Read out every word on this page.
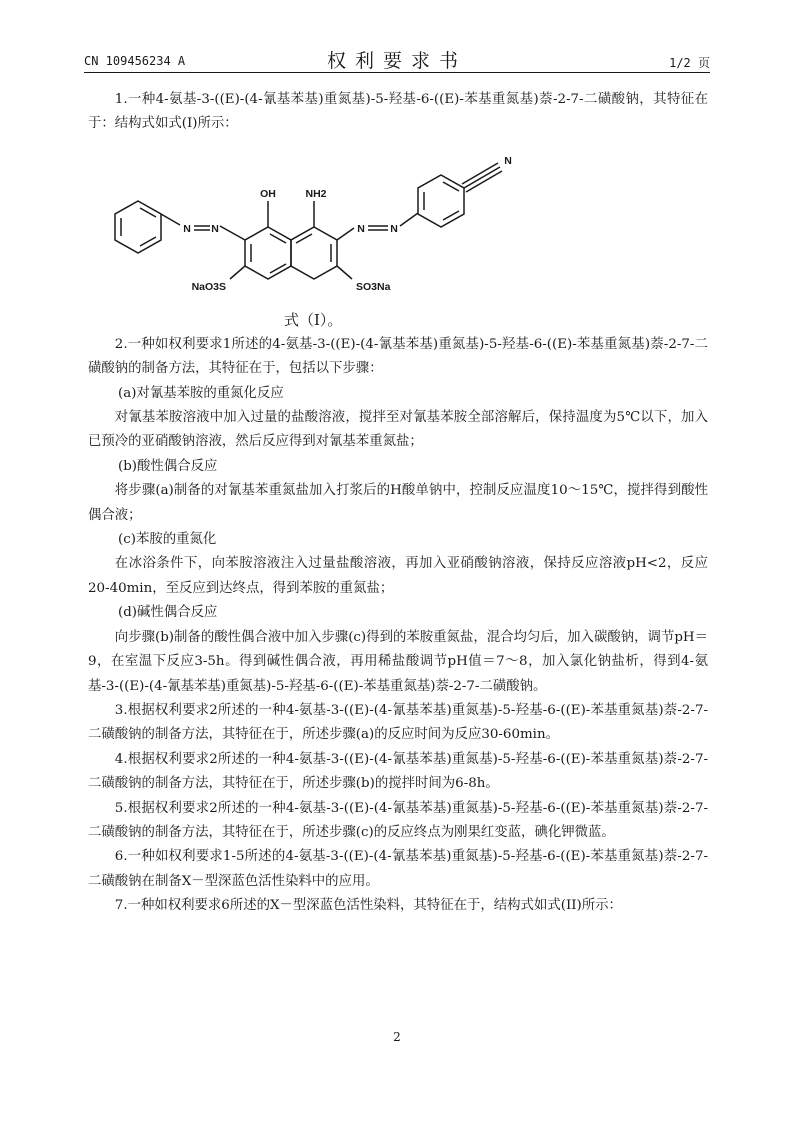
CN 109456234 A	权利要求书	1/2 页

1.一种4-氨基-3-((E)-(4-氰基苯基)重氮基)-5-羟基-6-((E)-苯基重氮基)萘-2-7-二磺酸钠，其特征在于：结构式如式(I)所示：

N N	N N
N
OH	NH2
NaO3S	SO3Na

式（I）。

2.一种如权利要求1所述的4-氨基-3-((E)-(4-氰基苯基)重氮基)-5-羟基-6-((E)-苯基重氮基)萘-2-7-二磺酸钠的制备方法，其特征在于，包括以下步骤：

(a)对氰基苯胺的重氮化反应

对氰基苯胺溶液中加入过量的盐酸溶液，搅拌至对氰基苯胺全部溶解后，保持温度为5℃以下，加入已预冷的亚硝酸钠溶液，然后反应得到对氰基苯重氮盐；

(b)酸性偶合反应

将步骤(a)制备的对氰基苯重氮盐加入打浆后的H酸单钠中，控制反应温度10～15℃，搅拌得到酸性偶合液；

(c)苯胺的重氮化

在冰浴条件下，向苯胺溶液注入过量盐酸溶液，再加入亚硝酸钠溶液，保持反应溶液pH<2，反应20-40min，至反应到达终点，得到苯胺的重氮盐；

(d)碱性偶合反应

向步骤(b)制备的酸性偶合液中加入步骤(c)得到的苯胺重氮盐，混合均匀后，加入碳酸钠，调节pH＝9，在室温下反应3-5h。得到碱性偶合液，再用稀盐酸调节pH值＝7～8，加入氯化钠盐析，得到4-氨基-3-((E)-(4-氰基苯基)重氮基)-5-羟基-6-((E)-苯基重氮基)萘-2-7-二磺酸钠。

3.根据权利要求2所述的一种4-氨基-3-((E)-(4-氰基苯基)重氮基)-5-羟基-6-((E)-苯基重氮基)萘-2-7-二磺酸钠的制备方法，其特征在于，所述步骤(a)的反应时间为反应30-60min。

4.根据权利要求2所述的一种4-氨基-3-((E)-(4-氰基苯基)重氮基)-5-羟基-6-((E)-苯基重氮基)萘-2-7-二磺酸钠的制备方法，其特征在于，所述步骤(b)的搅拌时间为6-8h。

5.根据权利要求2所述的一种4-氨基-3-((E)-(4-氰基苯基)重氮基)-5-羟基-6-((E)-苯基重氮基)萘-2-7-二磺酸钠的制备方法，其特征在于，所述步骤(c)的反应终点为刚果红变蓝，碘化钾微蓝。

6.一种如权利要求1-5所述的4-氨基-3-((E)-(4-氰基苯基)重氮基)-5-羟基-6-((E)-苯基重氮基)萘-2-7-二磺酸钠在制备X－型深蓝色活性染料中的应用。

7.一种如权利要求6所述的X－型深蓝色活性染料，其特征在于，结构式如式(II)所示：

2
